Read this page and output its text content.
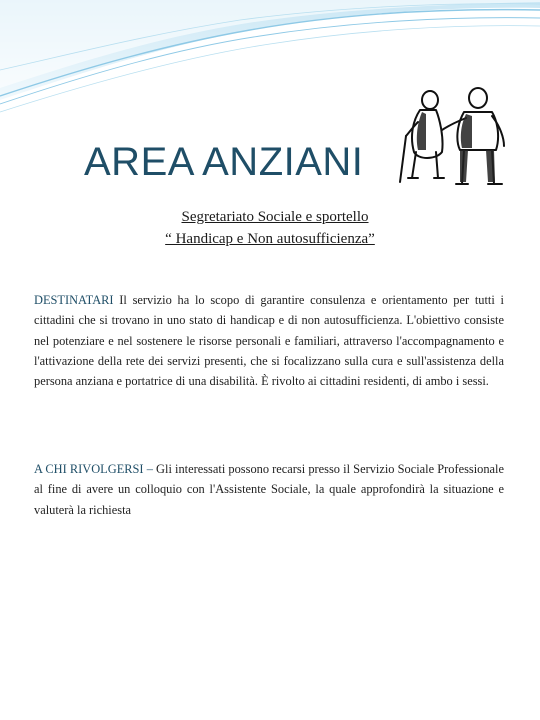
AREA ANZIANI
Segretariato Sociale e sportello
“ Handicap e Non autosufficienza”

DESTINATARI Il servizio ha lo scopo di garantire consulenza e orientamento per tutti i cittadini che si trovano in uno stato di handicap e di non autosufficienza. L'obiettivo consiste nel potenziare e nel sostenere le risorse personali e familiari, attraverso l'accompagnamento e l'attivazione della rete dei servizi presenti, che si focalizzano sulla cura e sull'assistenza della persona anziana e portatrice di una disabilità. È rivolto ai cittadini residenti, di ambo i sessi.

A CHI RIVOLGERSI – Gli interessati possono recarsi presso il Servizio Sociale Professionale al fine di avere un colloquio con l'Assistente Sociale, la quale approfondirà la situazione e valuterà la richiesta
